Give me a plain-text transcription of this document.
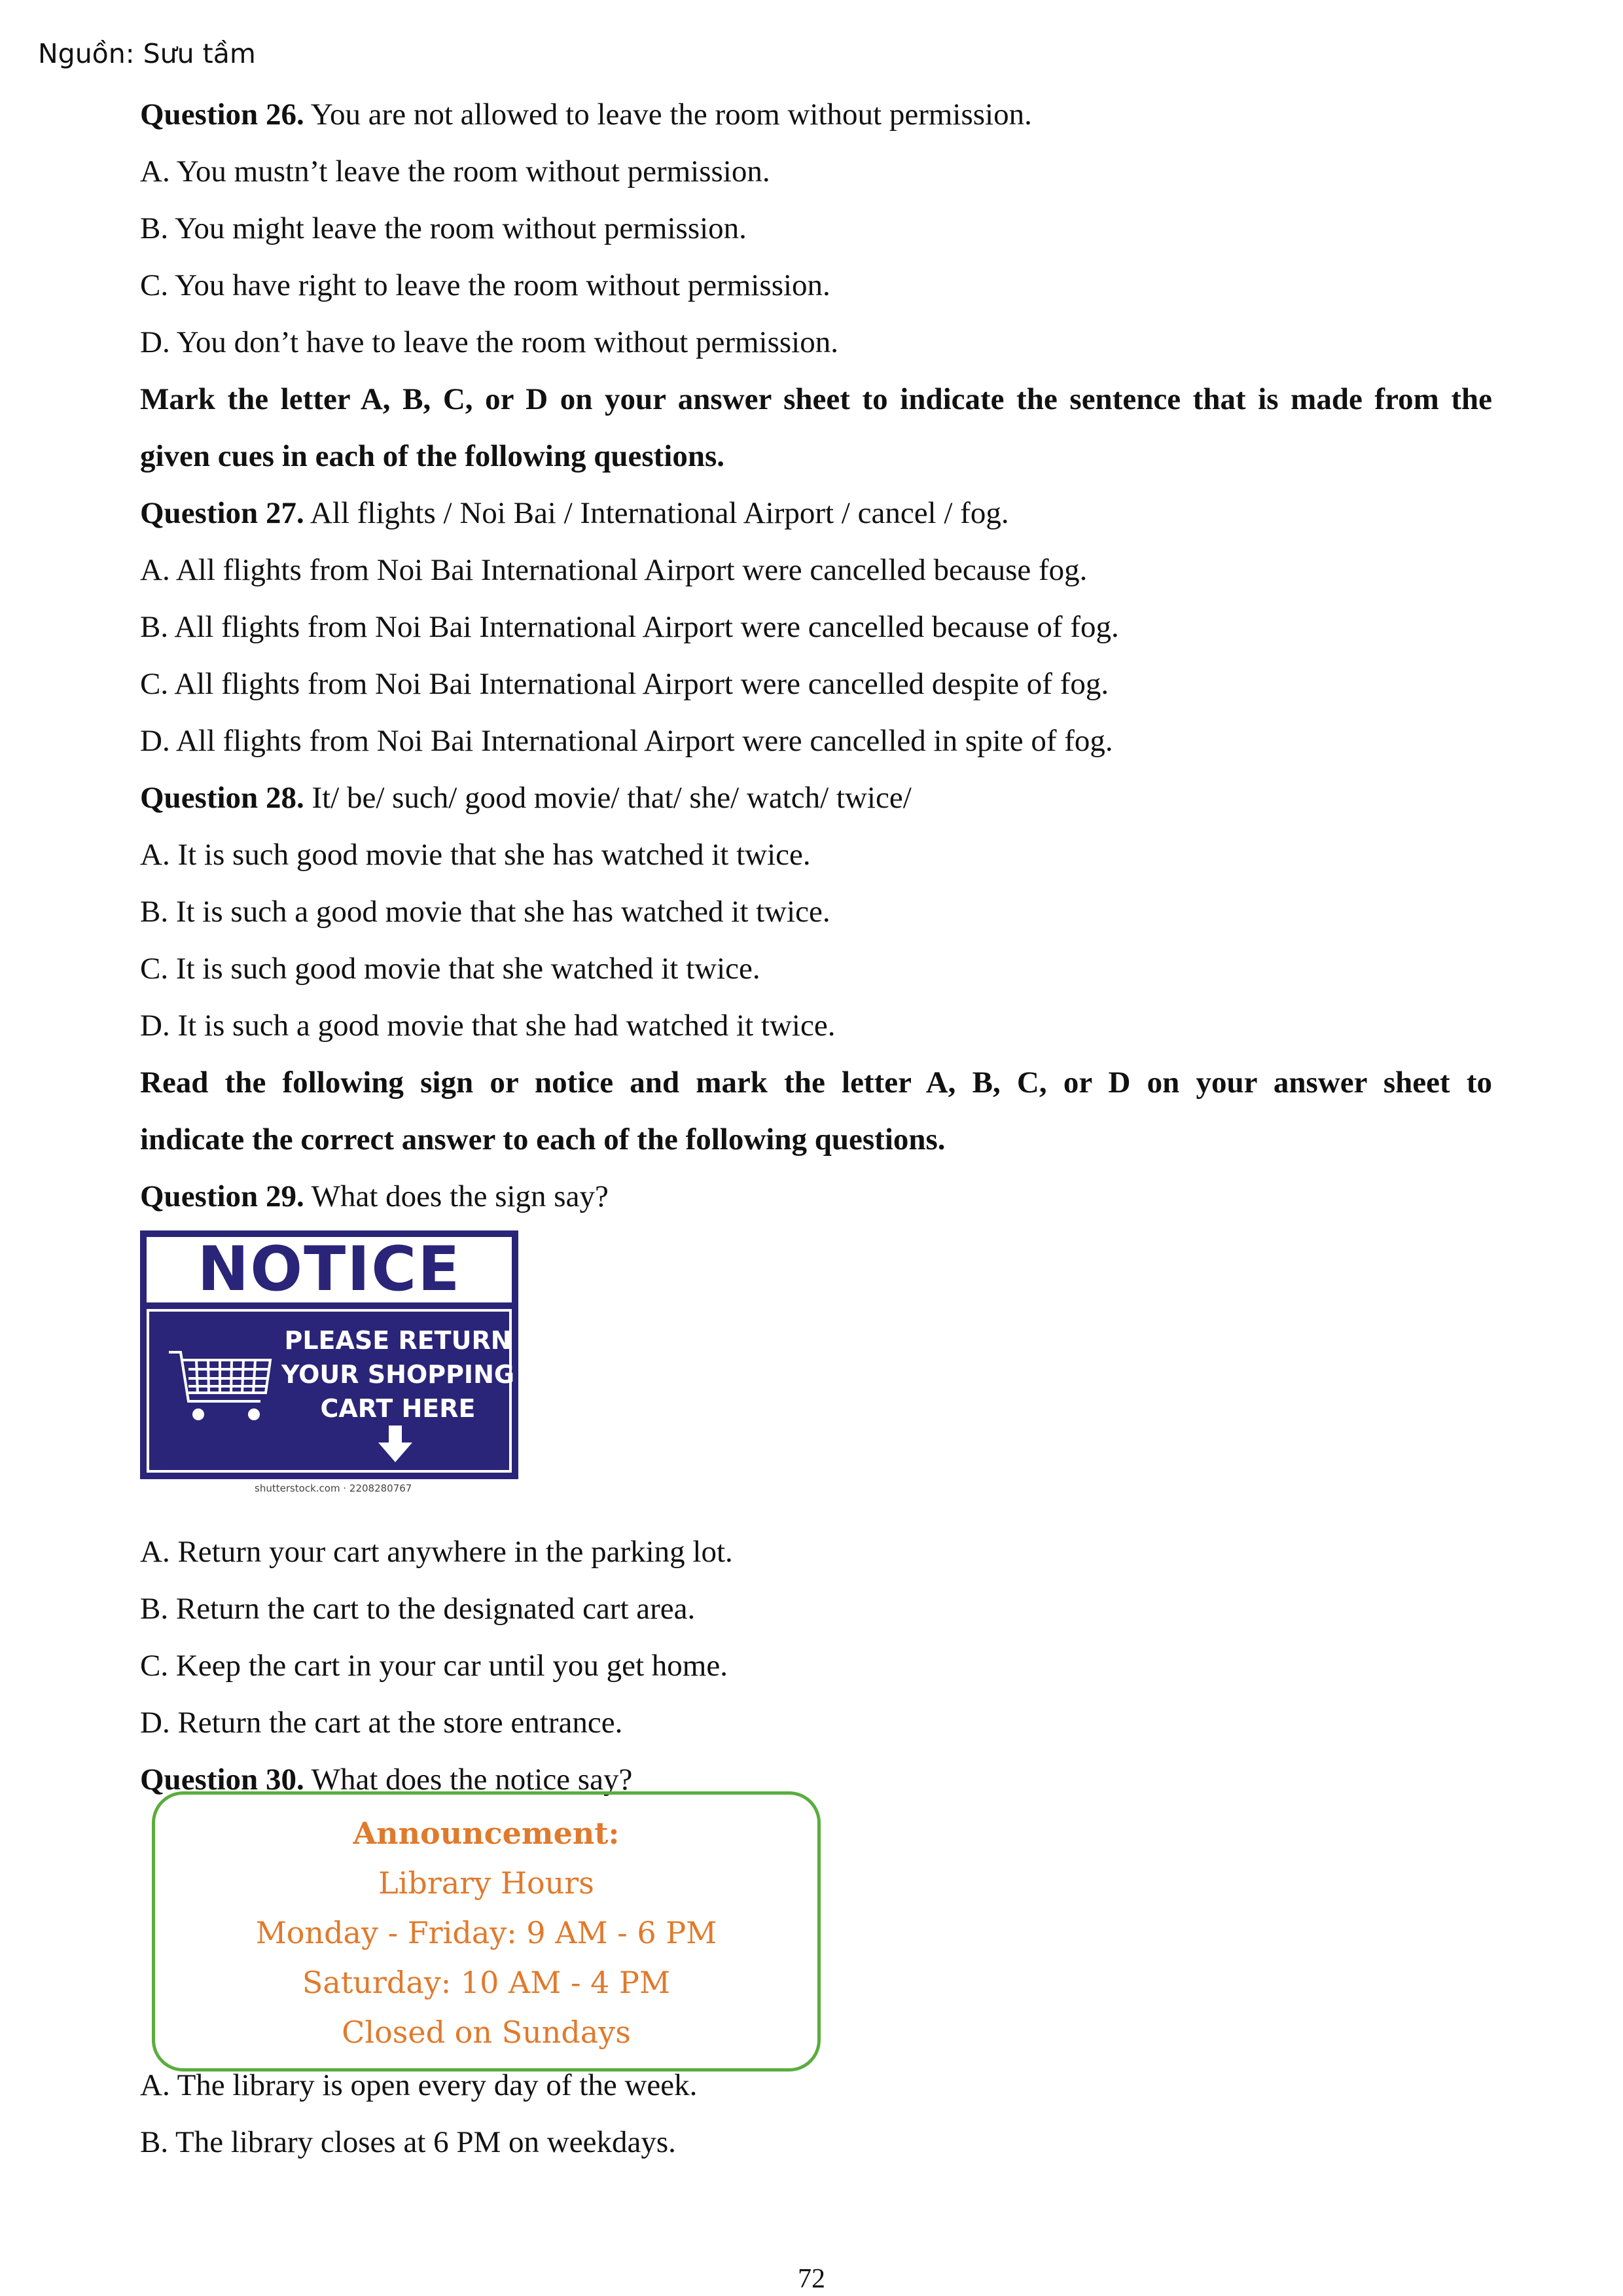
Nguồn: Sưu tầm
Question 26. You are not allowed to leave the room without permission.
A. You mustn’t leave the room without permission.
B. You might leave the room without permission.
C. You have right to leave the room without permission.
D. You don’t have to leave the room without permission.
Mark the letter A, B, C, or D on your answer sheet to indicate the sentence that is made from the
given cues in each of the following questions.
Question 27. All flights / Noi Bai / International Airport / cancel / fog.
A. All flights from Noi Bai International Airport were cancelled because fog.
B. All flights from Noi Bai International Airport were cancelled because of fog.
C. All flights from Noi Bai International Airport were cancelled despite of fog.
D. All flights from Noi Bai International Airport were cancelled in spite of fog.
Question 28. It/ be/ such/ good movie/ that/ she/ watch/ twice/
A. It is such good movie that she has watched it twice.
B. It is such a good movie that she has watched it twice.
C. It is such good movie that she watched it twice.
D. It is such a good movie that she had watched it twice.
Read the following sign or notice and mark the letter A, B, C, or D on your answer sheet to
indicate the correct answer to each of the following questions.
Question 29. What does the sign say?
NOTICE
PLEASE RETURN
YOUR SHOPPING
CART HERE
shutterstock.com · 2208280767
A. Return your cart anywhere in the parking lot.
B. Return the cart to the designated cart area.
C. Keep the cart in your car until you get home.
D. Return the cart at the store entrance.
Question 30. What does the notice say?
Announcement:
Library Hours
Monday - Friday: 9 AM - 6 PM
Saturday: 10 AM - 4 PM
Closed on Sundays
A. The library is open every day of the week.
B. The library closes at 6 PM on weekdays.
72
